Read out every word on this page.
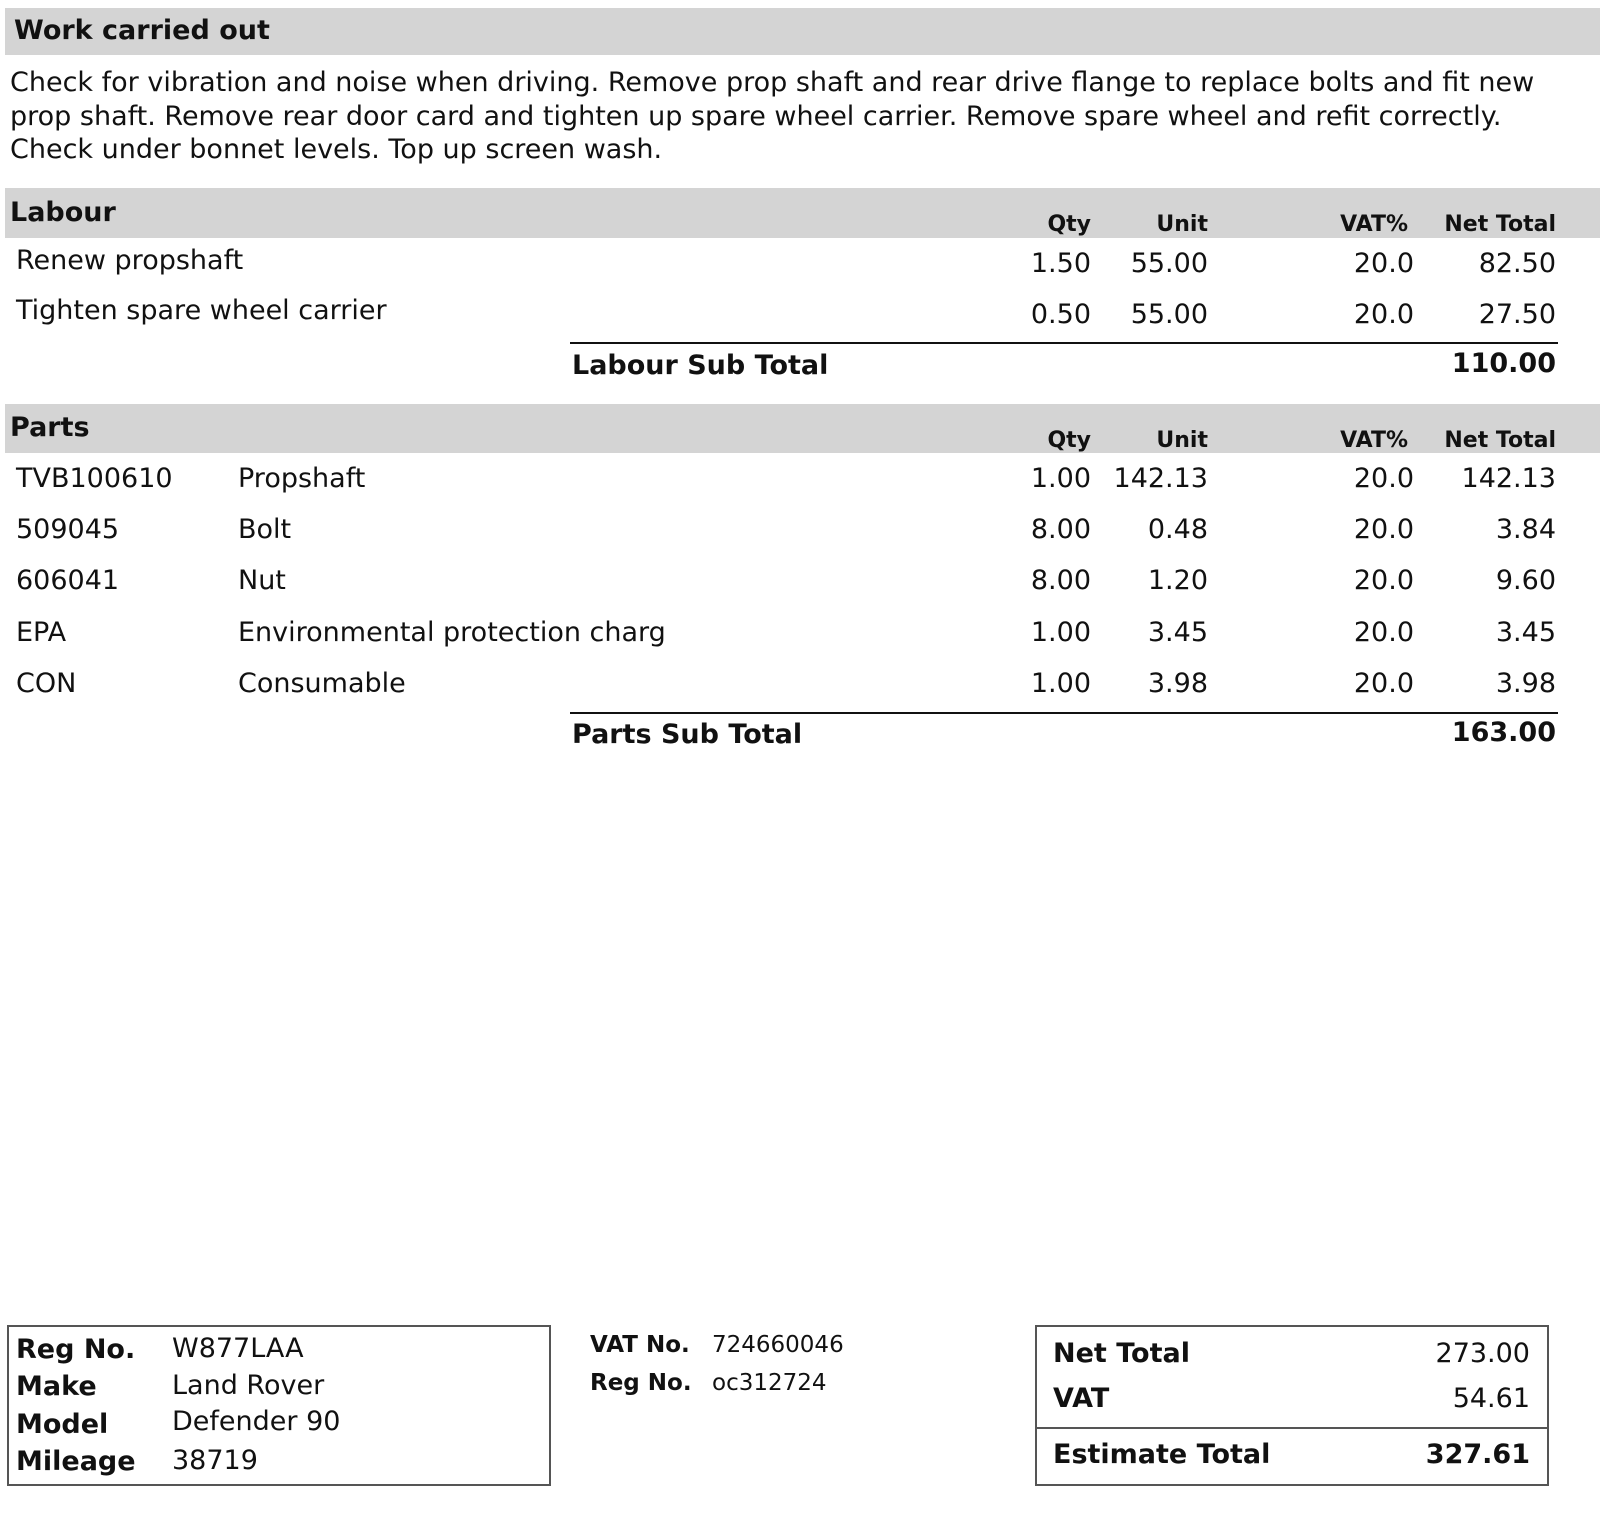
Work carried out
Check for vibration and noise when driving. Remove prop shaft and rear drive flange to replace bolts and fit new prop shaft. Remove rear door card and tighten up spare wheel carrier. Remove spare wheel and refit correctly. Check under bonnet levels. Top up screen wash.
Labour	Qty	Unit	VAT% Net Total
Renew propshaft	1.50 55.00	20.0 82.50
Tighten spare wheel carrier	0.50 55.00	20.0 27.50
Labour Sub Total	110.00
Parts	Qty	Unit	VAT% Net Total
TVB100610 Propshaft	1.00 142.13	20.0 142.13
509045	Bolt	8.00 0.48	20.0	3.84
606041	Nut	8.00 1.20	20.0	9.60
EPA	Environmental protection charg	1.00 3.45	20.0	3.45
CON	Consumable	1.00 3.98	20.0	3.98
Parts Sub Total	163.00
Reg No. W877LAA
Make	Land Rover
Model Defender 90
Mileage 38719
VAT No. 724660046
Reg No. oc312724
Net Total	273.00
VAT	54.61
Estimate Total	327.61
